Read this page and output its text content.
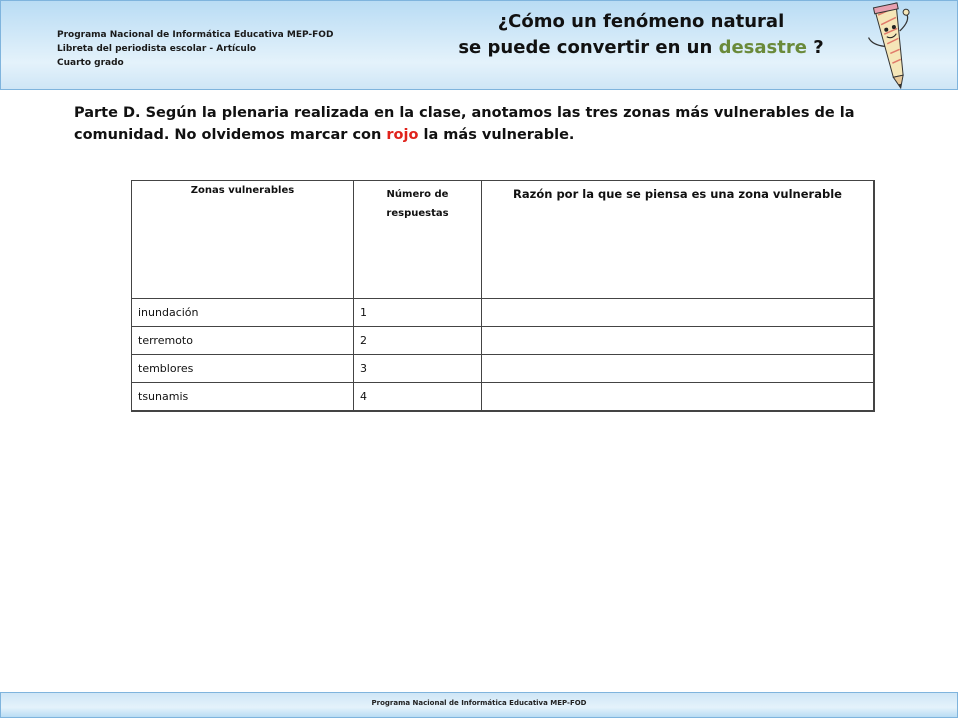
Programa Nacional de Informática Educativa MEP-FOD
Libreta del periodista escolar - Artículo
Cuarto grado
¿Cómo un fenómeno natural
se puede convertir en un desastre ?
Parte D. Según la plenaria realizada en la clase, anotamos las tres zonas más vulnerables de la comunidad. No olvidemos marcar con rojo la más vulnerable.
Zonas vulnerables	Número de respuestas	Razón por la que se piensa es una zona vulnerable
inundación	1	
terremoto	2	
temblores	3	
tsunamis	4	
Programa Nacional de Informática Educativa MEP-FOD
